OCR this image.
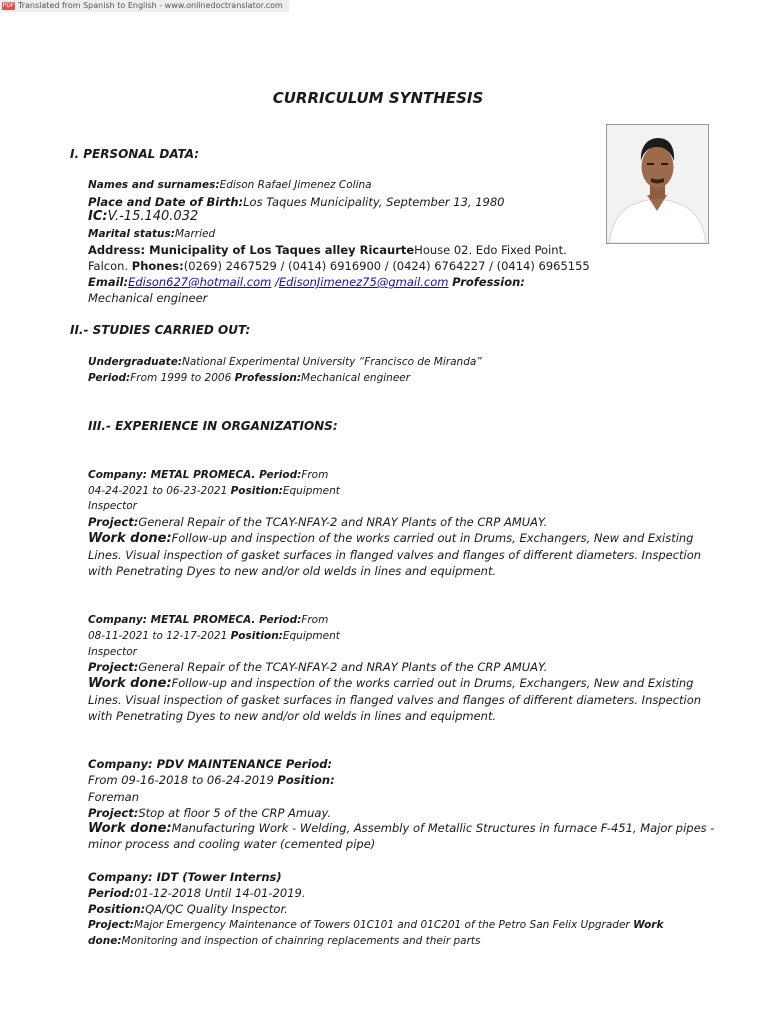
PDF Translated from Spanish to English - www.onlinedoctranslator.com
CURRICULUM SYNTHESIS
I. PERSONAL DATA:
Names and surnames:Edison Rafael Jimenez Colina
Place and Date of Birth:Los Taques Municipality, September 13, 1980
IC:V.-15.140.032
Marital status:Married
Address: Municipality of Los Taques alley RicaurteHouse 02. Edo Fixed Point.
Falcon. Phones:(0269) 2467529 / (0414) 6916900 / (0424) 6764227 / (0414) 6965155
Email:Edison627@hotmail.com /EdisonJimenez75@gmail.com Profession:
Mechanical engineer
II.- STUDIES CARRIED OUT:
Undergraduate:National Experimental University “Francisco de Miranda”
Period:From 1999 to 2006 Profession:Mechanical engineer
III.- EXPERIENCE IN ORGANIZATIONS:
Company: METAL PROMECA. Period:From
04-24-2021 to 06-23-2021 Position:Equipment
Inspector
Project:General Repair of the TCAY-NFAY-2 and NRAY Plants of the CRP AMUAY.
Work done:Follow-up and inspection of the works carried out in Drums, Exchangers, New and Existing
Lines. Visual inspection of gasket surfaces in flanged valves and flanges of different diameters. Inspection
with Penetrating Dyes to new and/or old welds in lines and equipment.
Company: METAL PROMECA. Period:From
08-11-2021 to 12-17-2021 Position:Equipment
Inspector
Project:General Repair of the TCAY-NFAY-2 and NRAY Plants of the CRP AMUAY.
Work done:Follow-up and inspection of the works carried out in Drums, Exchangers, New and Existing
Lines. Visual inspection of gasket surfaces in flanged valves and flanges of different diameters. Inspection
with Penetrating Dyes to new and/or old welds in lines and equipment.
Company: PDV MAINTENANCE Period:
From 09-16-2018 to 06-24-2019 Position:
Foreman
Project:Stop at floor 5 of the CRP Amuay.
Work done:Manufacturing Work - Welding, Assembly of Metallic Structures in furnace F-451, Major pipes -
minor process and cooling water (cemented pipe)
Company: IDT (Tower Interns)
Period:01-12-2018 Until 14-01-2019.
Position:QA/QC Quality Inspector.
Project:Major Emergency Maintenance of Towers 01C101 and 01C201 of the Petro San Felix Upgrader Work
done:Monitoring and inspection of chainring replacements and their parts
